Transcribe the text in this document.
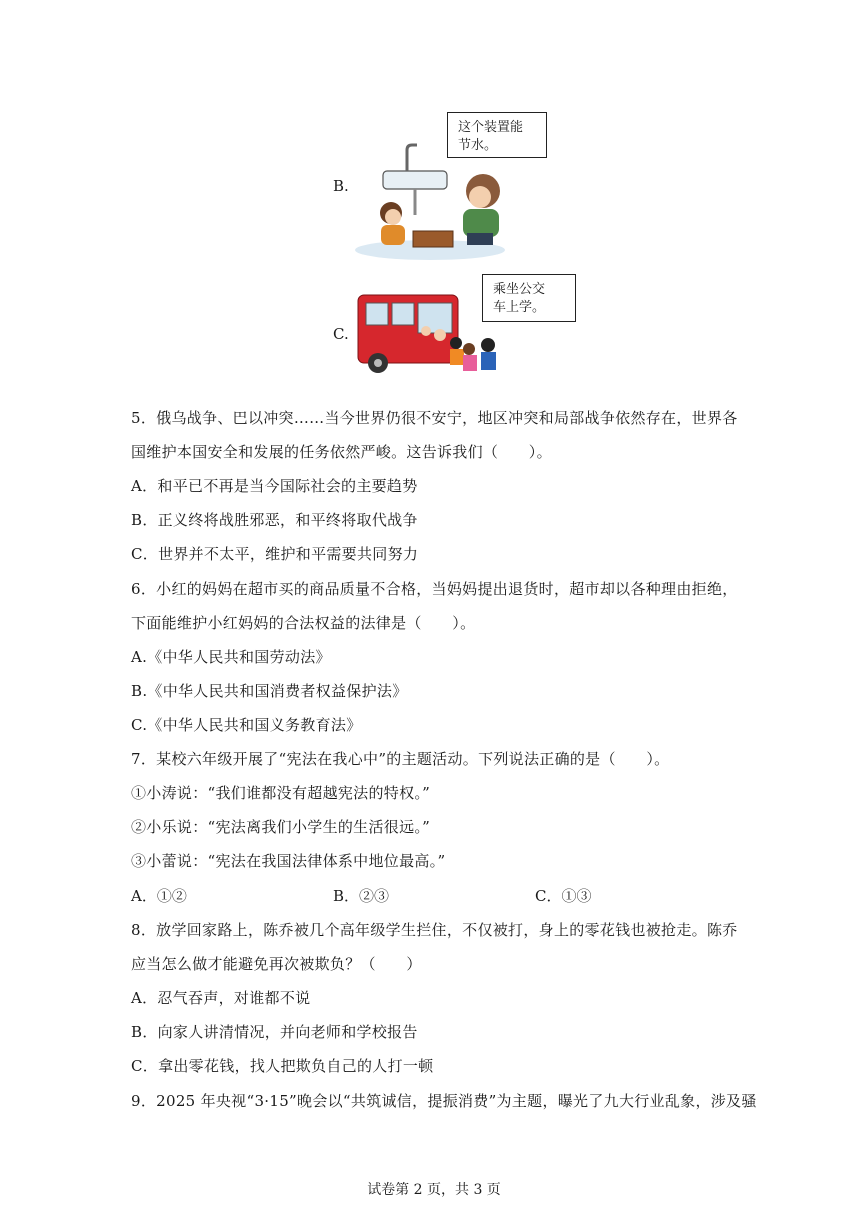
B.
这个装置能
节水。
C.
乘坐公交
车上学。
5．俄乌战争、巴以冲突……当今世界仍很不安宁，地区冲突和局部战争依然存在，世界各
国维护本国安全和发展的任务依然严峻。这告诉我们（　　）。
A．和平已不再是当今国际社会的主要趋势
B．正义终将战胜邪恶，和平终将取代战争
C．世界并不太平，维护和平需要共同努力
6．小红的妈妈在超市买的商品质量不合格，当妈妈提出退货时，超市却以各种理由拒绝，
下面能维护小红妈妈的合法权益的法律是（　　）。
A.《中华人民共和国劳动法》
B.《中华人民共和国消费者权益保护法》
C.《中华人民共和国义务教育法》
7．某校六年级开展了“宪法在我心中”的主题活动。下列说法正确的是（　　）。
①小涛说：“我们谁都没有超越宪法的特权。”
②小乐说：“宪法离我们小学生的生活很远。”
③小蕾说：“宪法在我国法律体系中地位最高。”
A．①②	B．②③	C．①③
8．放学回家路上，陈乔被几个高年级学生拦住，不仅被打，身上的零花钱也被抢走。陈乔
应当怎么做才能避免再次被欺负？（　　）
A．忍气吞声，对谁都不说
B．向家人讲清情况，并向老师和学校报告
C．拿出零花钱，找人把欺负自己的人打一顿
9．2025 年央视“3·15”晚会以“共筑诚信，提振消费”为主题，曝光了九大行业乱象，涉及骚
试卷第 2 页，共 3 页
